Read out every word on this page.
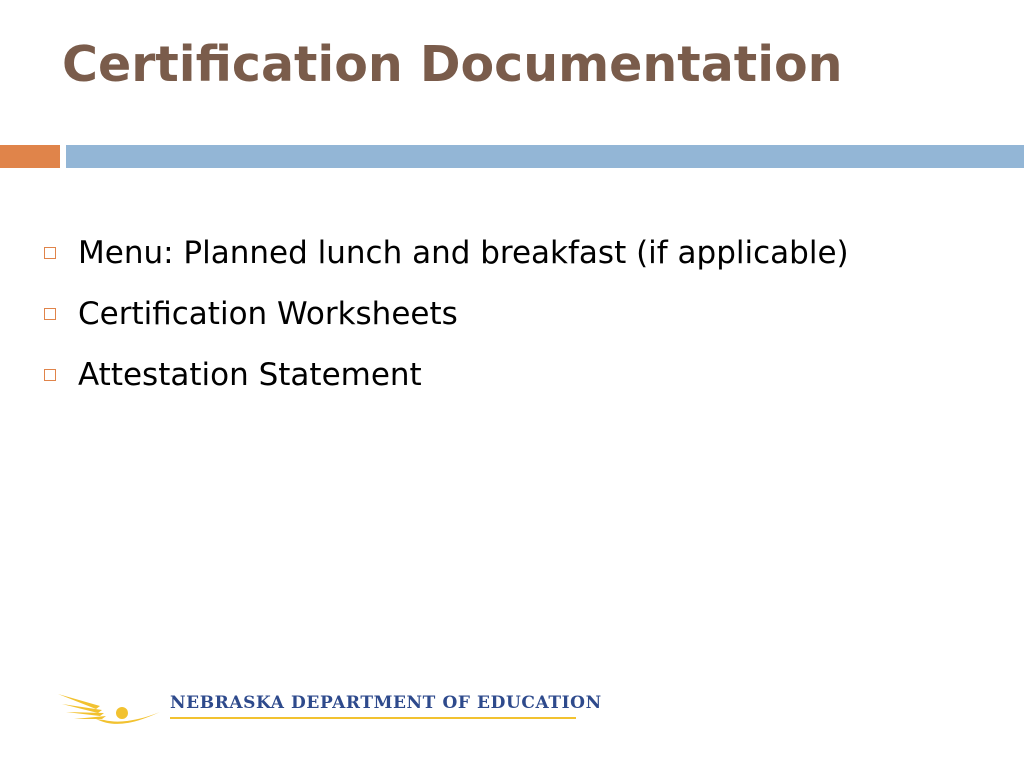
Certification Documentation
Menu: Planned lunch and breakfast (if applicable)
Certification Worksheets
Attestation Statement
NEBRASKA DEPARTMENT OF EDUCATION
